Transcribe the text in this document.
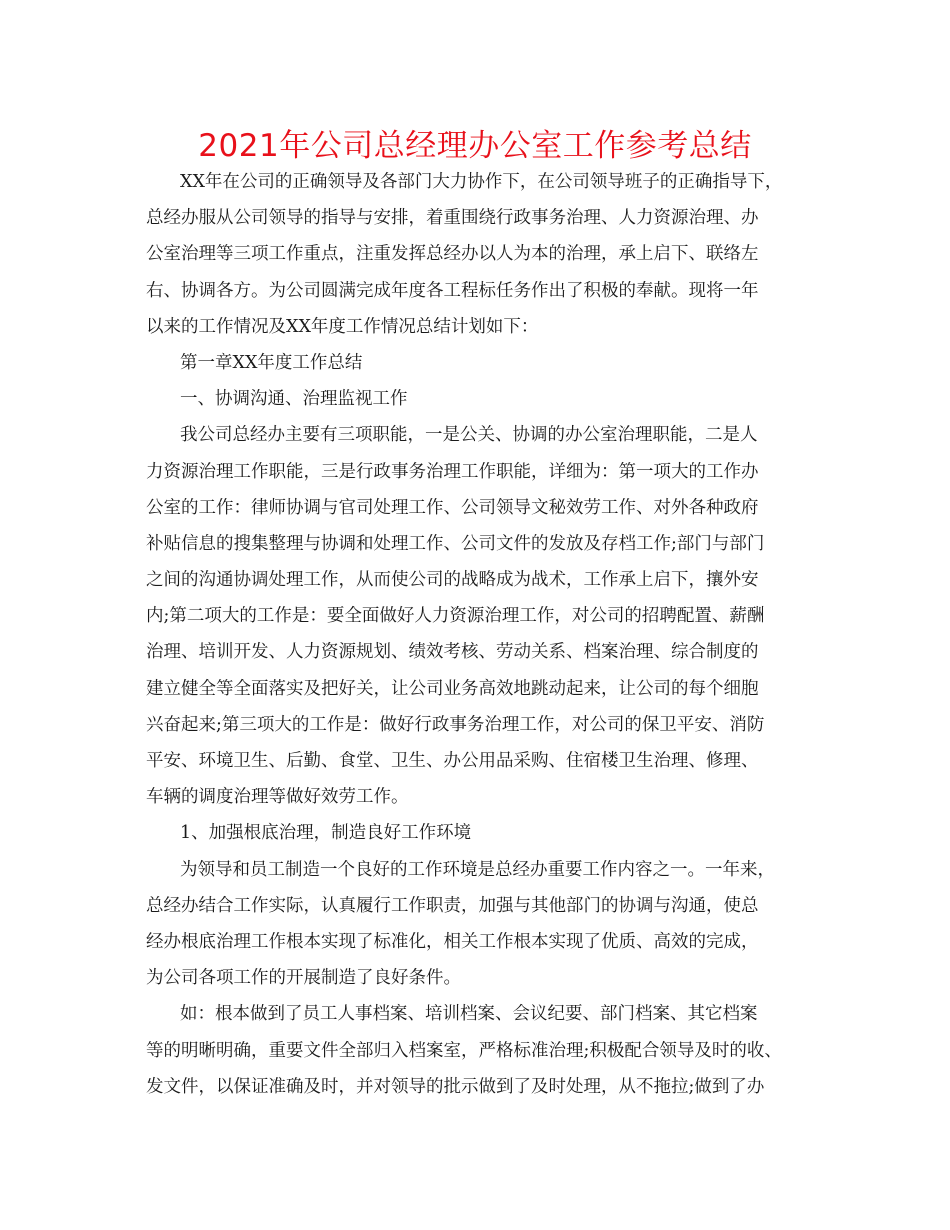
2021年公司总经理办公室工作参考总结

XX年在公司的正确领导及各部门大力协作下，在公司领导班子的正确指导下，

总经办服从公司领导的指导与安排，着重围绕行政事务治理、人力资源治理、办

公室治理等三项工作重点，注重发挥总经办以人为本的治理，承上启下、联络左

右、协调各方。为公司圆满完成年度各工程标任务作出了积极的奉献。现将一年

以来的工作情况及XX年度工作情况总结计划如下：

第一章XX年度工作总结

一、协调沟通、治理监视工作

我公司总经办主要有三项职能，一是公关、协调的办公室治理职能，二是人

力资源治理工作职能，三是行政事务治理工作职能，详细为：第一项大的工作办

公室的工作：律师协调与官司处理工作、公司领导文秘效劳工作、对外各种政府

补贴信息的搜集整理与协调和处理工作、公司文件的发放及存档工作;部门与部门

之间的沟通协调处理工作，从而使公司的战略成为战术，工作承上启下，攘外安

内;第二项大的工作是：要全面做好人力资源治理工作，对公司的招聘配置、薪酬

治理、培训开发、人力资源规划、绩效考核、劳动关系、档案治理、综合制度的

建立健全等全面落实及把好关，让公司业务高效地跳动起来，让公司的每个细胞

兴奋起来;第三项大的工作是：做好行政事务治理工作，对公司的保卫平安、消防

平安、环境卫生、后勤、食堂、卫生、办公用品采购、住宿楼卫生治理、修理、

车辆的调度治理等做好效劳工作。

1、加强根底治理，制造良好工作环境

为领导和员工制造一个良好的工作环境是总经办重要工作内容之一。一年来，

总经办结合工作实际，认真履行工作职责，加强与其他部门的协调与沟通，使总

经办根底治理工作根本实现了标准化，相关工作根本实现了优质、高效的完成，

为公司各项工作的开展制造了良好条件。

如：根本做到了员工人事档案、培训档案、会议纪要、部门档案、其它档案

等的明晰明确，重要文件全部归入档案室，严格标准治理;积极配合领导及时的收、

发文件，以保证准确及时，并对领导的批示做到了及时处理，从不拖拉;做到了办
